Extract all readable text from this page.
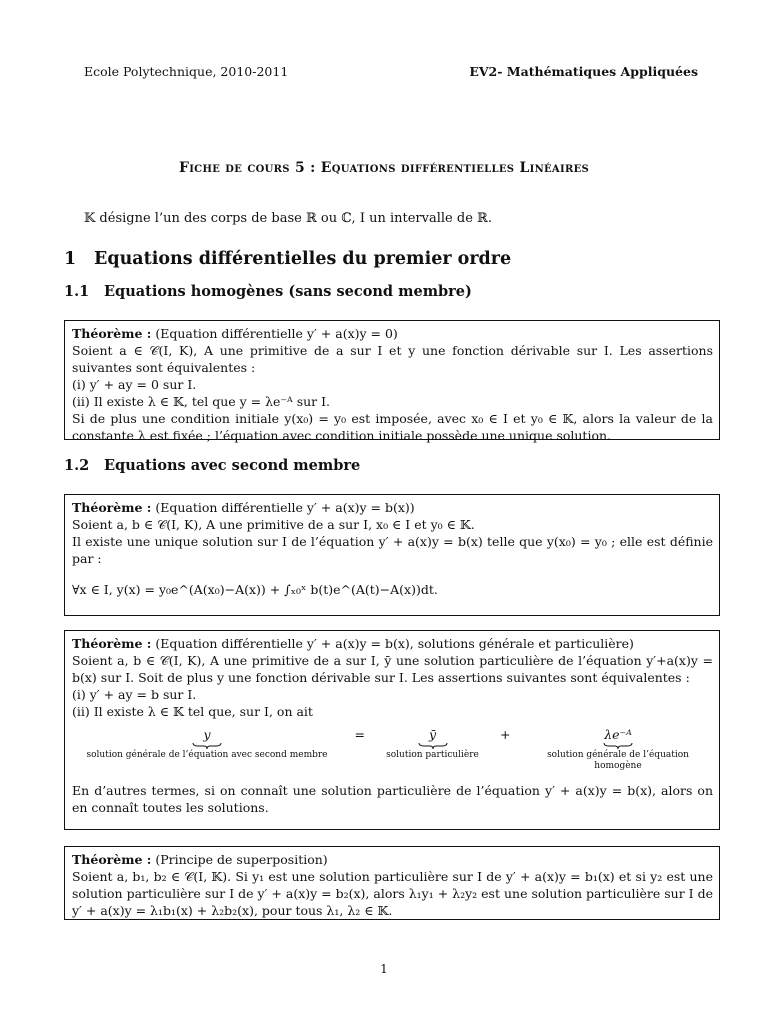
Ecole Polytechnique, 2010-2011	EV2- Mathématiques Appliquées
Fiche de cours 5 : Equations différentielles Linéaires
𝕂 désigne l’un des corps de base ℝ ou ℂ, I un intervalle de ℝ.
1 Equations différentielles du premier ordre
1.1 Equations homogènes (sans second membre)

Théorème : (Equation différentielle y′ + a(x)y = 0)

Soient a ∈ 𝒞(I, K), A une primitive de a sur I et y une fonction dérivable sur I. Les assertions suivantes sont équivalentes :

(i) y′ + ay = 0 sur I.

(ii) Il existe λ ∈ 𝕂, tel que y = λe⁻ᴬ sur I.

Si de plus une condition initiale y(x₀) = y₀ est imposée, avec x₀ ∈ I et y₀ ∈ 𝕂, alors la valeur de la constante λ est fixée ; l’équation avec condition initiale possède une unique solution.

1.2 Equations avec second membre

Théorème : (Equation différentielle y′ + a(x)y = b(x))

Soient a, b ∈ 𝒞(I, K), A une primitive de a sur I, x₀ ∈ I et y₀ ∈ 𝕂.

Il existe une unique solution sur I de l’équation y′ + a(x)y = b(x) telle que y(x₀) = y₀ ; elle est définie par :

∀x ∈ I, y(x) = y₀e^(A(x₀)−A(x)) + ∫ₓ₀ˣ b(t)e^(A(t)−A(x))dt.

Théorème : (Equation différentielle y′ + a(x)y = b(x), solutions générale et particulière)

Soient a, b ∈ 𝒞(I, K), A une primitive de a sur I, ȳ une solution particulière de l’équation y′+a(x)y = b(x) sur I. Soit de plus y une fonction dérivable sur I. Les assertions suivantes sont équivalentes :

(i) y′ + ay = b sur I.

(ii) Il existe λ ∈ 𝕂 tel que, sur I, on ait

y
solution générale de l’équation avec second membre
=	ȳ
solution particulière
+	λe⁻ᴬ
solution générale de l’équation homogène

En d’autres termes, si on connaît une solution particulière de l’équation y′ + a(x)y = b(x), alors on en connaît toutes les solutions.

Théorème : (Principe de superposition)

Soient a, b₁, b₂ ∈ 𝒞(I, 𝕂). Si y₁ est une solution particulière sur I de y′ + a(x)y = b₁(x) et si y₂ est une solution particulière sur I de y′ + a(x)y = b₂(x), alors λ₁y₁ + λ₂y₂ est une solution particulière sur I de y′ + a(x)y = λ₁b₁(x) + λ₂b₂(x), pour tous λ₁, λ₂ ∈ 𝕂.

1
